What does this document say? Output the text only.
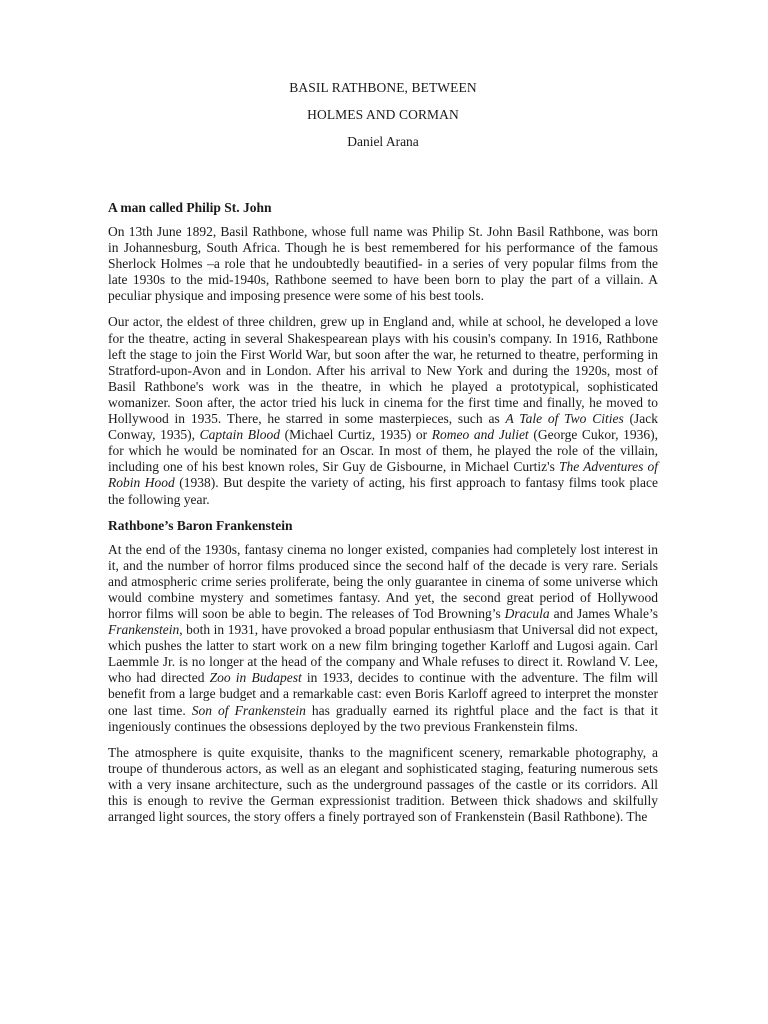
BASIL RATHBONE, BETWEEN
HOLMES AND CORMAN
Daniel Arana
A man called Philip St. John

On 13th June 1892, Basil Rathbone, whose full name was Philip St. John Basil Rathbone, was born in Johannesburg, South Africa. Though he is best remembered for his performance of the famous Sherlock Holmes –a role that he undoubtedly beautified- in a series of very popular films from the late 1930s to the mid-1940s, Rathbone seemed to have been born to play the part of a villain. A peculiar physique and imposing presence were some of his best tools.

Our actor, the eldest of three children, grew up in England and, while at school, he developed a love for the theatre, acting in several Shakespearean plays with his cousin's company. In 1916, Rathbone left the stage to join the First World War, but soon after the war, he returned to theatre, performing in Stratford-upon-Avon and in London. After his arrival to New York and during the 1920s, most of Basil Rathbone's work was in the theatre, in which he played a prototypical, sophisticated womanizer. Soon after, the actor tried his luck in cinema for the first time and finally, he moved to Hollywood in 1935. There, he starred in some masterpieces, such as A Tale of Two Cities (Jack Conway, 1935), Captain Blood (Michael Curtiz, 1935) or Romeo and Juliet (George Cukor, 1936), for which he would be nominated for an Oscar. In most of them, he played the role of the villain, including one of his best known roles, Sir Guy de Gisbourne, in Michael Curtiz's The Adventures of Robin Hood (1938). But despite the variety of acting, his first approach to fantasy films took place the following year.

Rathbone’s Baron Frankenstein

At the end of the 1930s, fantasy cinema no longer existed, companies had completely lost interest in it, and the number of horror films produced since the second half of the decade is very rare. Serials and atmospheric crime series proliferate, being the only guarantee in cinema of some universe which would combine mystery and sometimes fantasy. And yet, the second great period of Hollywood horror films will soon be able to begin. The releases of Tod Browning’s Dracula and James Whale’s Frankenstein, both in 1931, have provoked a broad popular enthusiasm that Universal did not expect, which pushes the latter to start work on a new film bringing together Karloff and Lugosi again. Carl Laemmle Jr. is no longer at the head of the company and Whale refuses to direct it. Rowland V. Lee, who had directed Zoo in Budapest in 1933, decides to continue with the adventure. The film will benefit from a large budget and a remarkable cast: even Boris Karloff agreed to interpret the monster one last time. Son of Frankenstein has gradually earned its rightful place and the fact is that it ingeniously continues the obsessions deployed by the two previous Frankenstein films.

The atmosphere is quite exquisite, thanks to the magnificent scenery, remarkable photography, a troupe of thunderous actors, as well as an elegant and sophisticated staging, featuring numerous sets with a very insane architecture, such as the underground passages of the castle or its corridors. All this is enough to revive the German expressionist tradition. Between thick shadows and skilfully arranged light sources, the story offers a finely portrayed son of Frankenstein (Basil Rathbone). The
